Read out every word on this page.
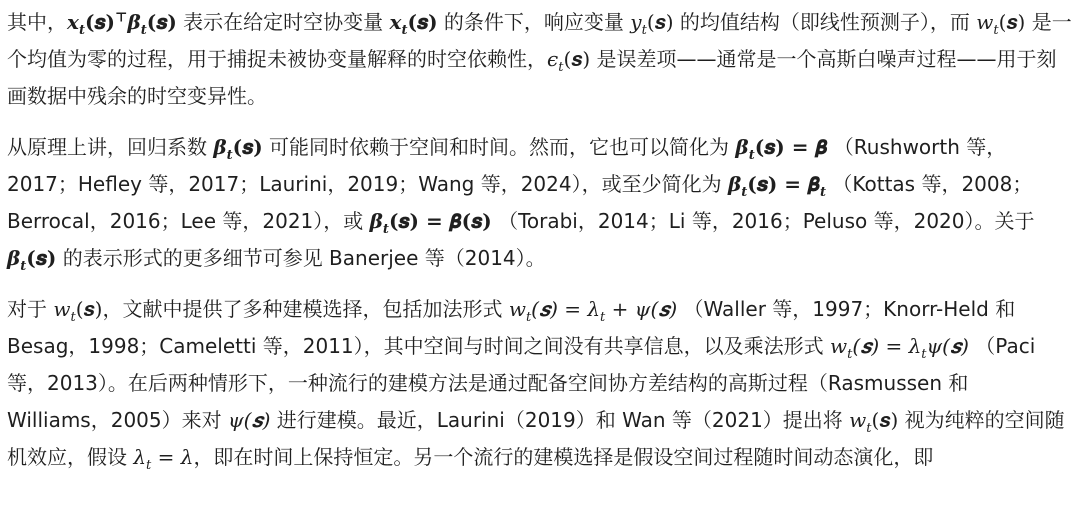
其中，𝒙$_t$(𝒔)⊤𝜷$_t$(𝒔) 表示在给定时空协变量 𝒙$_t$(𝒔) 的条件下，响应变量 $y_t(𝒔)$ 的均值结构（即线性预测子），而 $w_t(𝒔)$ 是一个均值为零的过程，用于捕捉未被协变量解释的时空依赖性，$\epsilon_t(𝒔)$ 是误差项——通常是一个高斯白噪声过程——用于刻画数据中残余的时空变异性。

从原理上讲，回归系数 𝜷$_t$(𝒔) 可能同时依赖于空间和时间。然而，它也可以简化为 𝜷$_t$(𝒔) = 𝜷 （Rushworth 等，2017；Hefley 等，2017；Laurini，2019；Wang 等，2024），或至少简化为 𝜷$_t$(𝒔) = 𝜷$_t$ （Kottas 等，2008；Berrocal，2016；Lee 等，2021），或 𝜷$_t$(𝒔) = 𝜷(𝒔) （Torabi，2014；Li 等，2016；Peluso 等，2020）。关于 𝜷$_t$(𝒔) 的表示形式的更多细节可参见 Banerjee 等（2014）。

对于 $w_t(𝒔)$，文献中提供了多种建模选择，包括加法形式 $w_t(𝒔) = \lambda_t$ + ψ(𝒔) （Waller 等，1997；Knorr-Held 和 Besag，1998；Cameletti 等，2011），其中空间与时间之间没有共享信息，以及乘法形式 $w_t(𝒔)$ = $\lambda_t\psi(𝒔)$ （Paci 等，2013）。在后两种情形下，一种流行的建模方法是通过配备空间协方差结构的高斯过程（Rasmussen 和 Williams，2005）来对 ψ(𝒔) 进行建模。最近，Laurini（2019）和 Wan 等（2021）提出将 $w_t(𝒔)$ 视为纯粹的空间随机效应，假设 $\lambda_t = \lambda$，即在时间上保持恒定。另一个流行的建模选择是假设空间过程随时间动态演化，即
